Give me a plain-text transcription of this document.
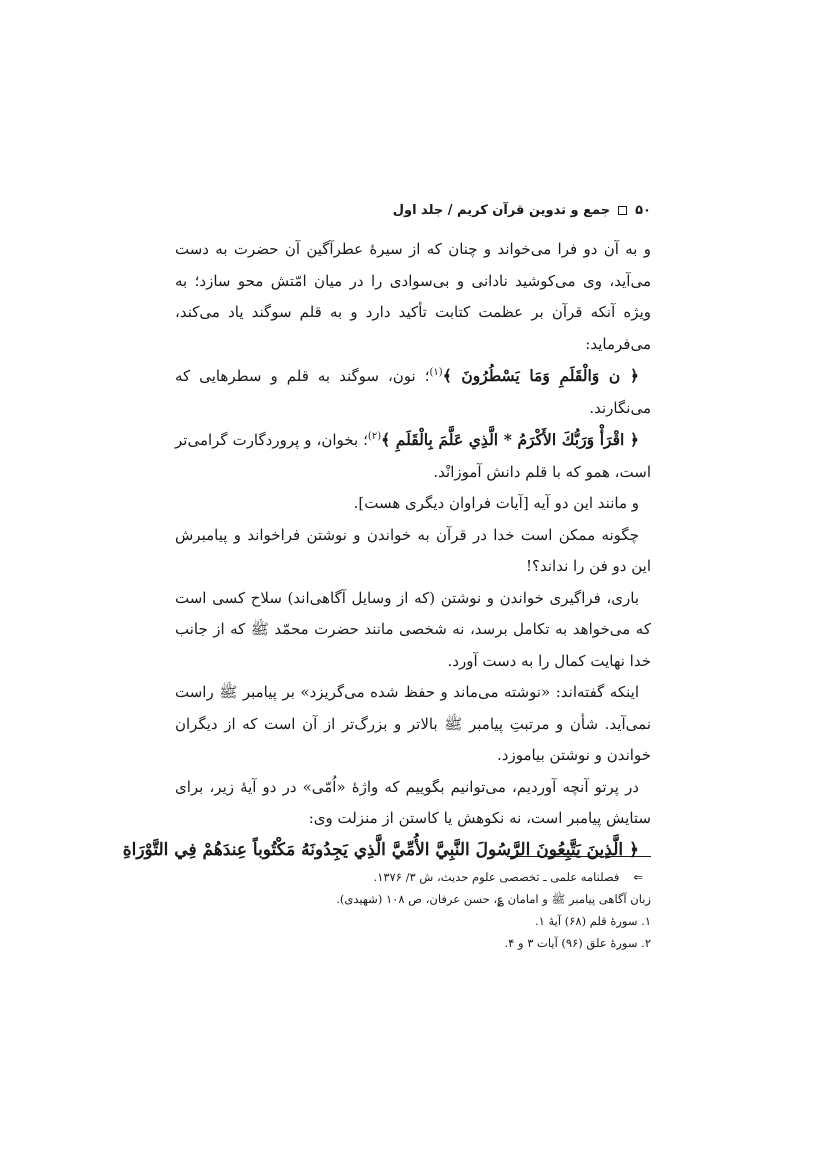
۵۰
جمع و تدوین قرآن کریم / جلد اول

و به آن دو فرا می‌خواند و چنان که از سیرهٔ عطرآگین آن حضرت به دست می‌آید، وی می‌کوشید نادانی و بی‌سوادی را در میان امّتش محو سازد؛ به ویژه آنکه قرآن بر عظمت کتابت تأکید دارد و به قلم سوگند یاد می‌کند، می‌فرماید:

﴿ ن وَالْقَلَمِ وَمَا يَسْطُرُونَ ﴾$^{(۱)}$؛ نون، سوگند به قلم و سطرهایی که می‌نگارند.

﴿ اقْرَأْ وَرَبُّكَ الأَكْرَمُ * الَّذِي عَلَّمَ بِالْقَلَمِ ﴾$^{(۲)}$؛ بخوان، و پروردگارت گرامی‌تر است، همو که با قلم دانش آموزانْد.

و مانند این دو آیه [آیات فراوان دیگری هست].

چگونه ممکن است خدا در قرآن به خواندن و نوشتن فراخواند و پیامبرش این دو فن را نداند؟!

باری، فراگیری خواندن و نوشتن (که از وسایل آگاهی‌اند) سلاح کسی است که می‌خواهد به تکامل برسد، نه شخصی مانند حضرت محمّد ﷺ که از جانب خدا نهایت کمال را به دست آورد.

اینکه گفته‌اند: «نوشته می‌ماند و حفظ شده می‌گریزد» بر پیامبر ﷺ راست نمی‌آید. شأن و مرتبتِ پیامبر ﷺ بالاتر و بزرگ‌تر از آن است که از دیگران خواندن و نوشتن بیاموزد.

در پرتو آنچه آوردیم، می‌توانیم بگوییم که واژهٔ «اُمّی» در دو آیهٔ زیر، برای ستایش پیامبر است، نه نکوهش یا کاستن از منزلت وی:

﴿ الَّذِينَ يَتَّبِعُونَ الرَّسُولَ النَّبِيَّ الأُمِّيَّ الَّذِي يَجِدُونَهُ مَكْتُوباً عِندَهُمْ فِي التَّوْرَاةِ

⇐فصلنامه علمی ـ تخصصی علوم حدیث، ش ۳/ ۱۳۷۶.

زبان آگاهی پیامبر ﷺ و امامان ؏، حسن عرفان، ص ۱۰۸ (شهیدی).

۱. سورهٔ قلم (۶۸) آیهٔ ۱.

۲. سورهٔ علق (۹۶) آیات ۳ و ۴.
